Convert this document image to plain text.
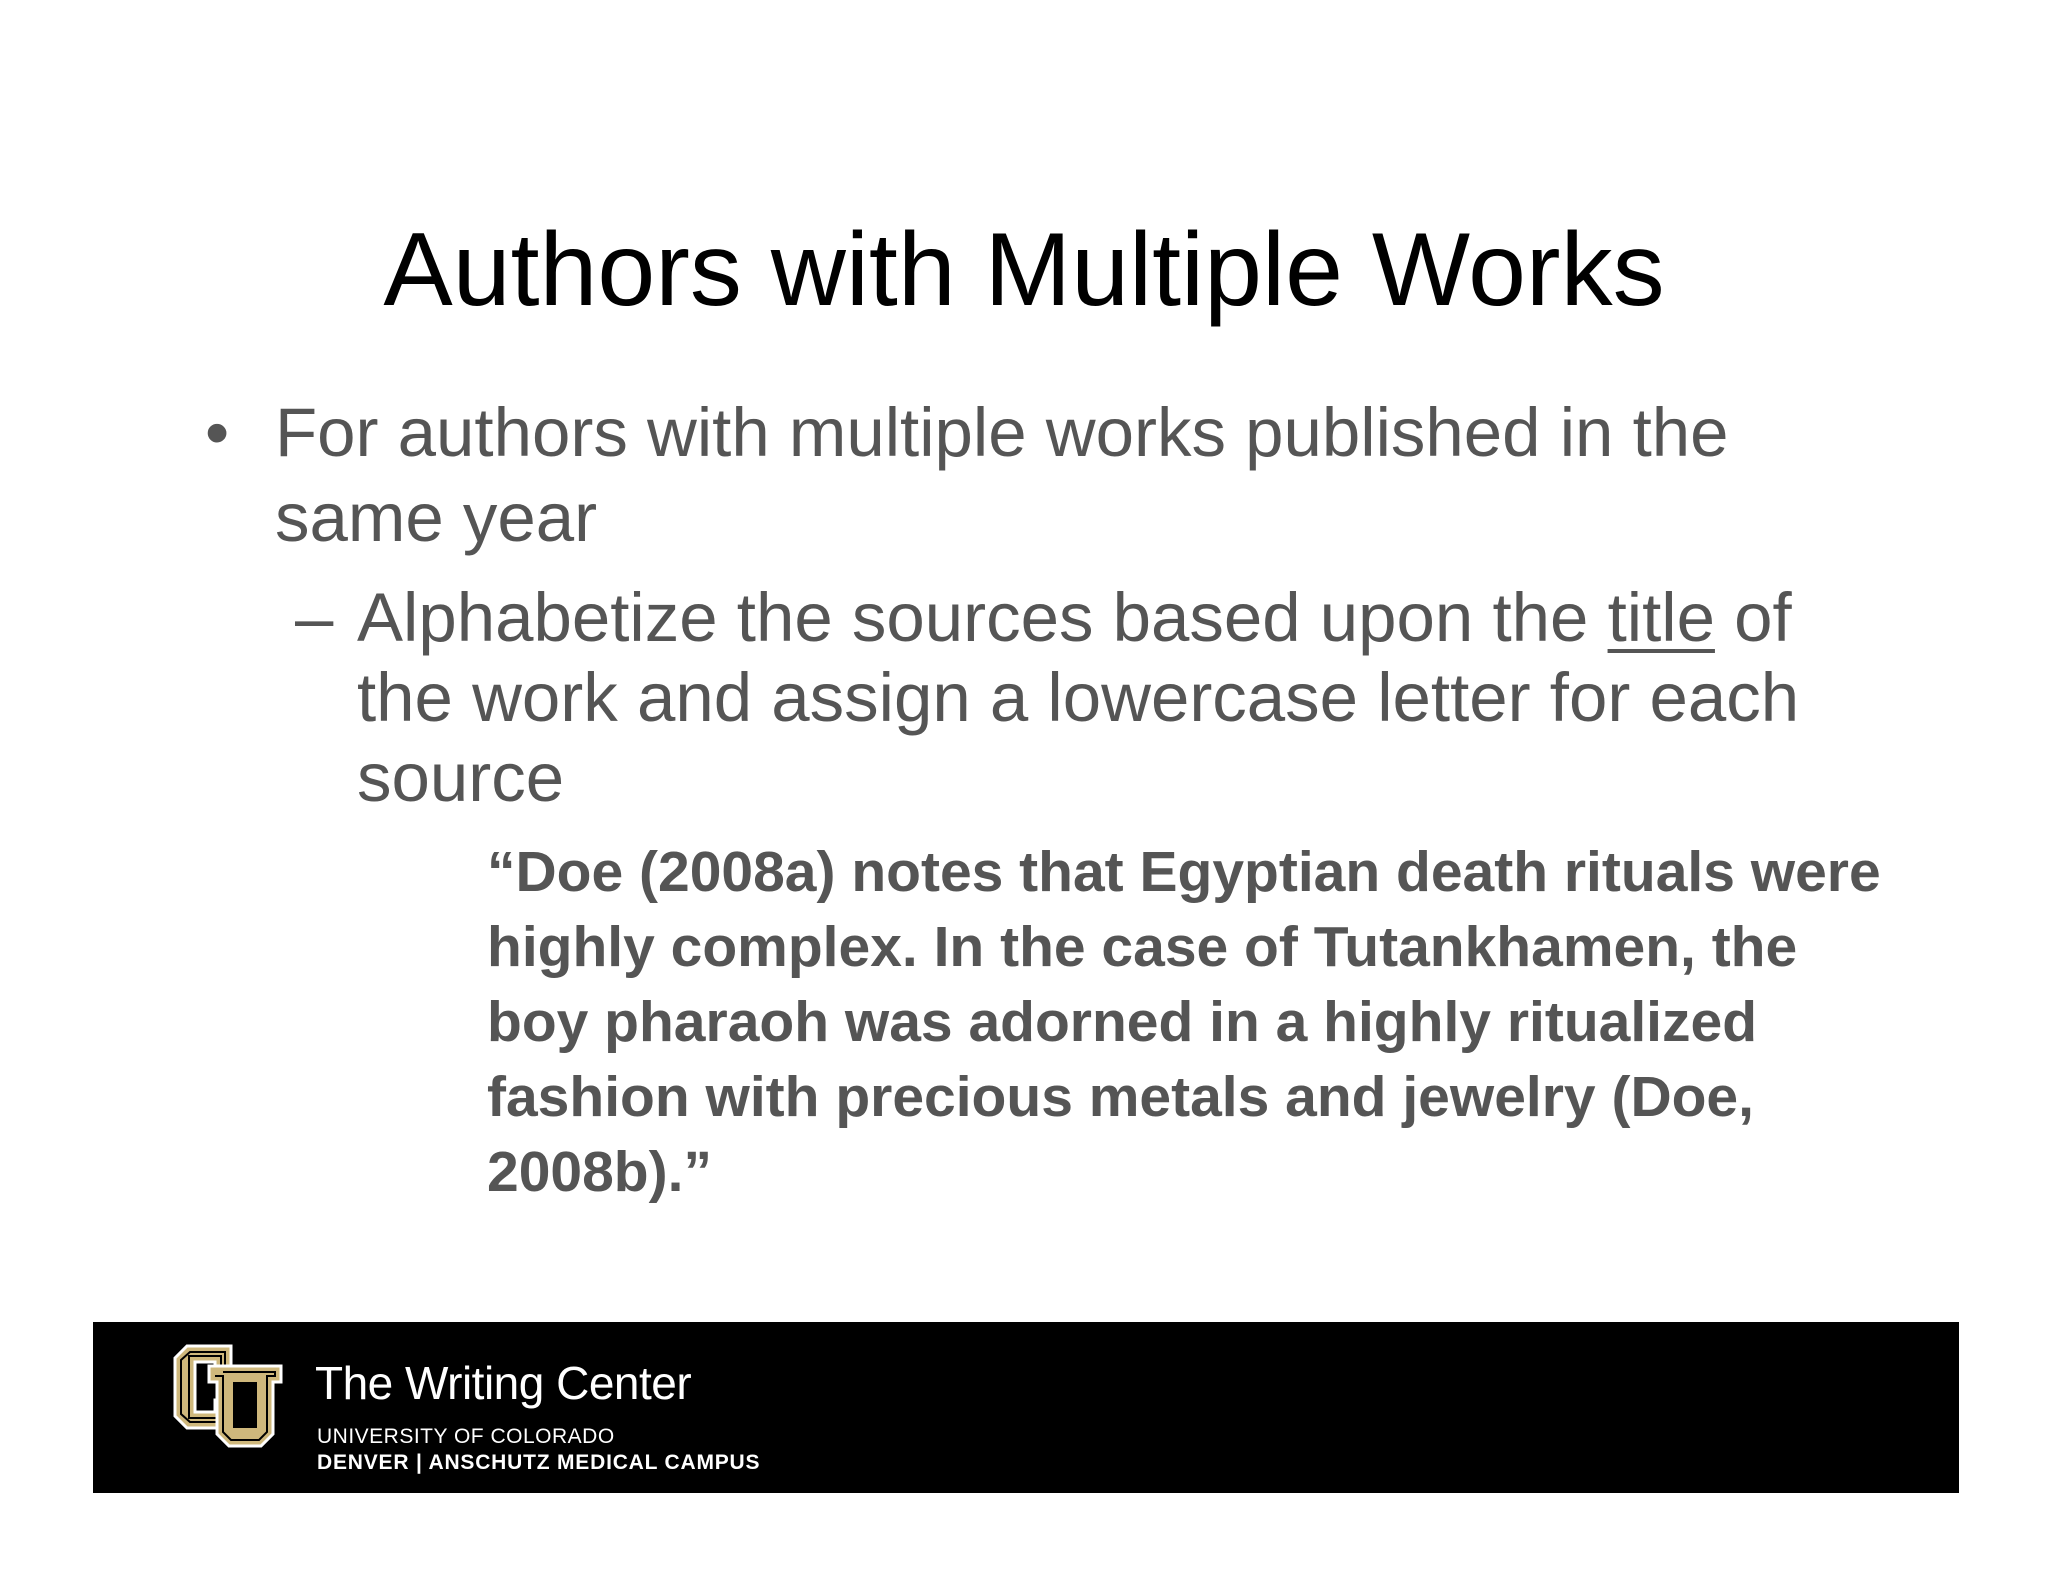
Authors with Multiple Works
• For authors with multiple works published in the same year
– Alphabetize the sources based upon the title of the work and assign a lowercase letter for each source
“Doe (2008a) notes that Egyptian death rituals were highly complex. In the case of Tutankhamen, the boy pharaoh was adorned in a highly ritualized fashion with precious metals and jewelry (Doe, 2008b).”
The Writing Center
UNIVERSITY OF COLORADO
DENVER | ANSCHUTZ MEDICAL CAMPUS
